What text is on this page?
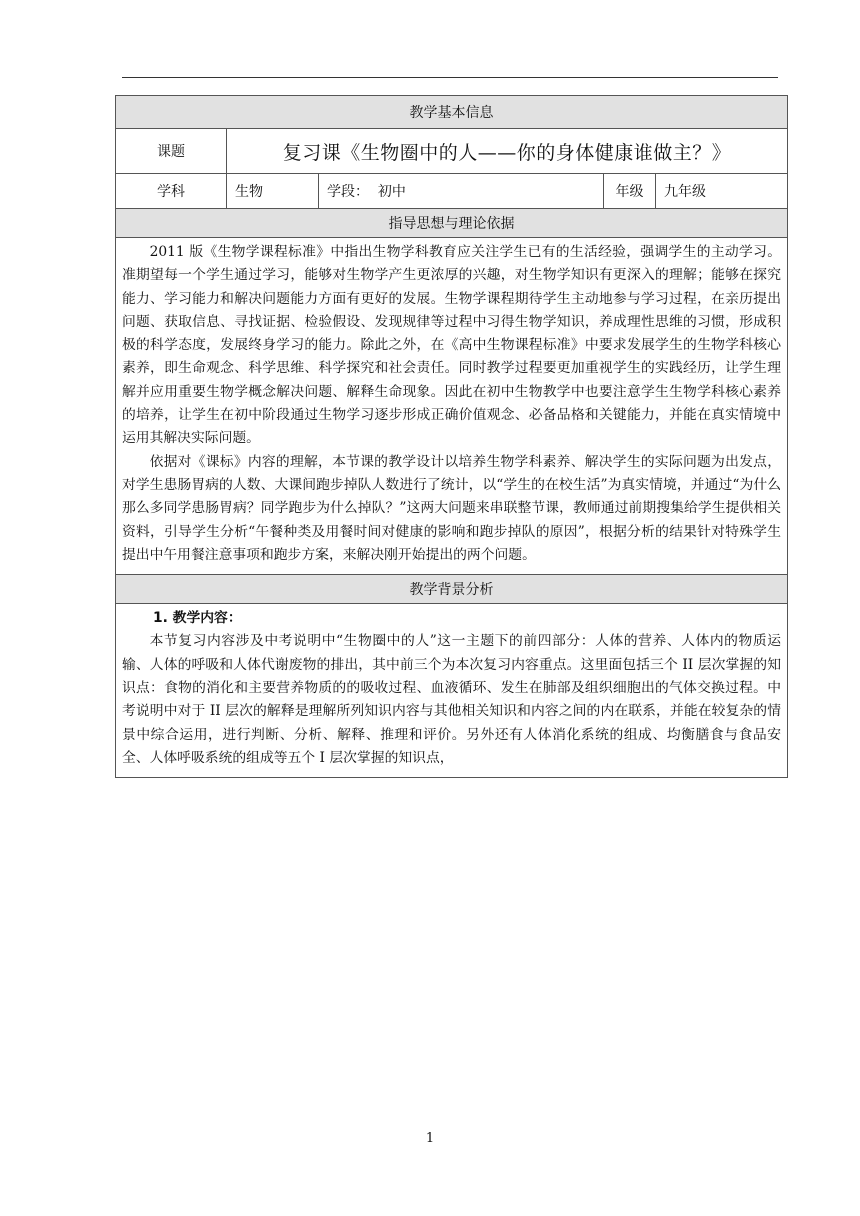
教学基本信息				
课题	复习课《生物圈中的人——你的身体健康谁做主？》			
学科	生物	学段：  初中	年级	九年级
指导思想与理论依据				

2011 版《生物学课程标准》中指出生物学科教育应关注学生已有的生活经验，强调学生的主动学习。准期望每一个学生通过学习，能够对生物学产生更浓厚的兴趣，对生物学知识有更深入的理解；能够在探究能力、学习能力和解决问题能力方面有更好的发展。生物学课程期待学生主动地参与学习过程，在亲历提出问题、获取信息、寻找证据、检验假设、发现规律等过程中习得生物学知识，养成理性思维的习惯，形成积极的科学态度，发展终身学习的能力。除此之外，在《高中生物课程标准》中要求发展学生的生物学科核心素养，即生命观念、科学思维、科学探究和社会责任。同时教学过程要更加重视学生的实践经历，让学生理解并应用重要生物学概念解决问题、解释生命现象。因此在初中生物教学中也要注意学生生物学科核心素养的培养，让学生在初中阶段通过生物学习逐步形成正确价值观念、必备品格和关键能力，并能在真实情境中运用其解决实际问题。

依据对《课标》内容的理解，本节课的教学设计以培养生物学科素养、解决学生的实际问题为出发点，对学生患肠胃病的人数、大课间跑步掉队人数进行了统计，以“学生的在校生活”为真实情境，并通过“为什么那么多同学患肠胃病？同学跑步为什么掉队？”这两大问题来串联整节课，教师通过前期搜集给学生提供相关资料，引导学生分析“午餐种类及用餐时间对健康的影响和跑步掉队的原因”，根据分析的结果针对特殊学生提出中午用餐注意事项和跑步方案，来解决刚开始提出的两个问题。				

教学背景分析				

1. 教学内容：

本节复习内容涉及中考说明中“生物圈中的人”这一主题下的前四部分：人体的营养、人体内的物质运输、人体的呼吸和人体代谢废物的排出，其中前三个为本次复习内容重点。这里面包括三个 II 层次掌握的知识点：食物的消化和主要营养物质的的吸收过程、血液循环、发生在肺部及组织细胞出的气体交换过程。中考说明中对于 II 层次的解释是理解所列知识内容与其他相关知识和内容之间的内在联系，并能在较复杂的情景中综合运用，进行判断、分析、解释、推理和评价。另外还有人体消化系统的组成、均衡膳食与食品安全、人体呼吸系统的组成等五个 I 层次掌握的知识点，				

1
